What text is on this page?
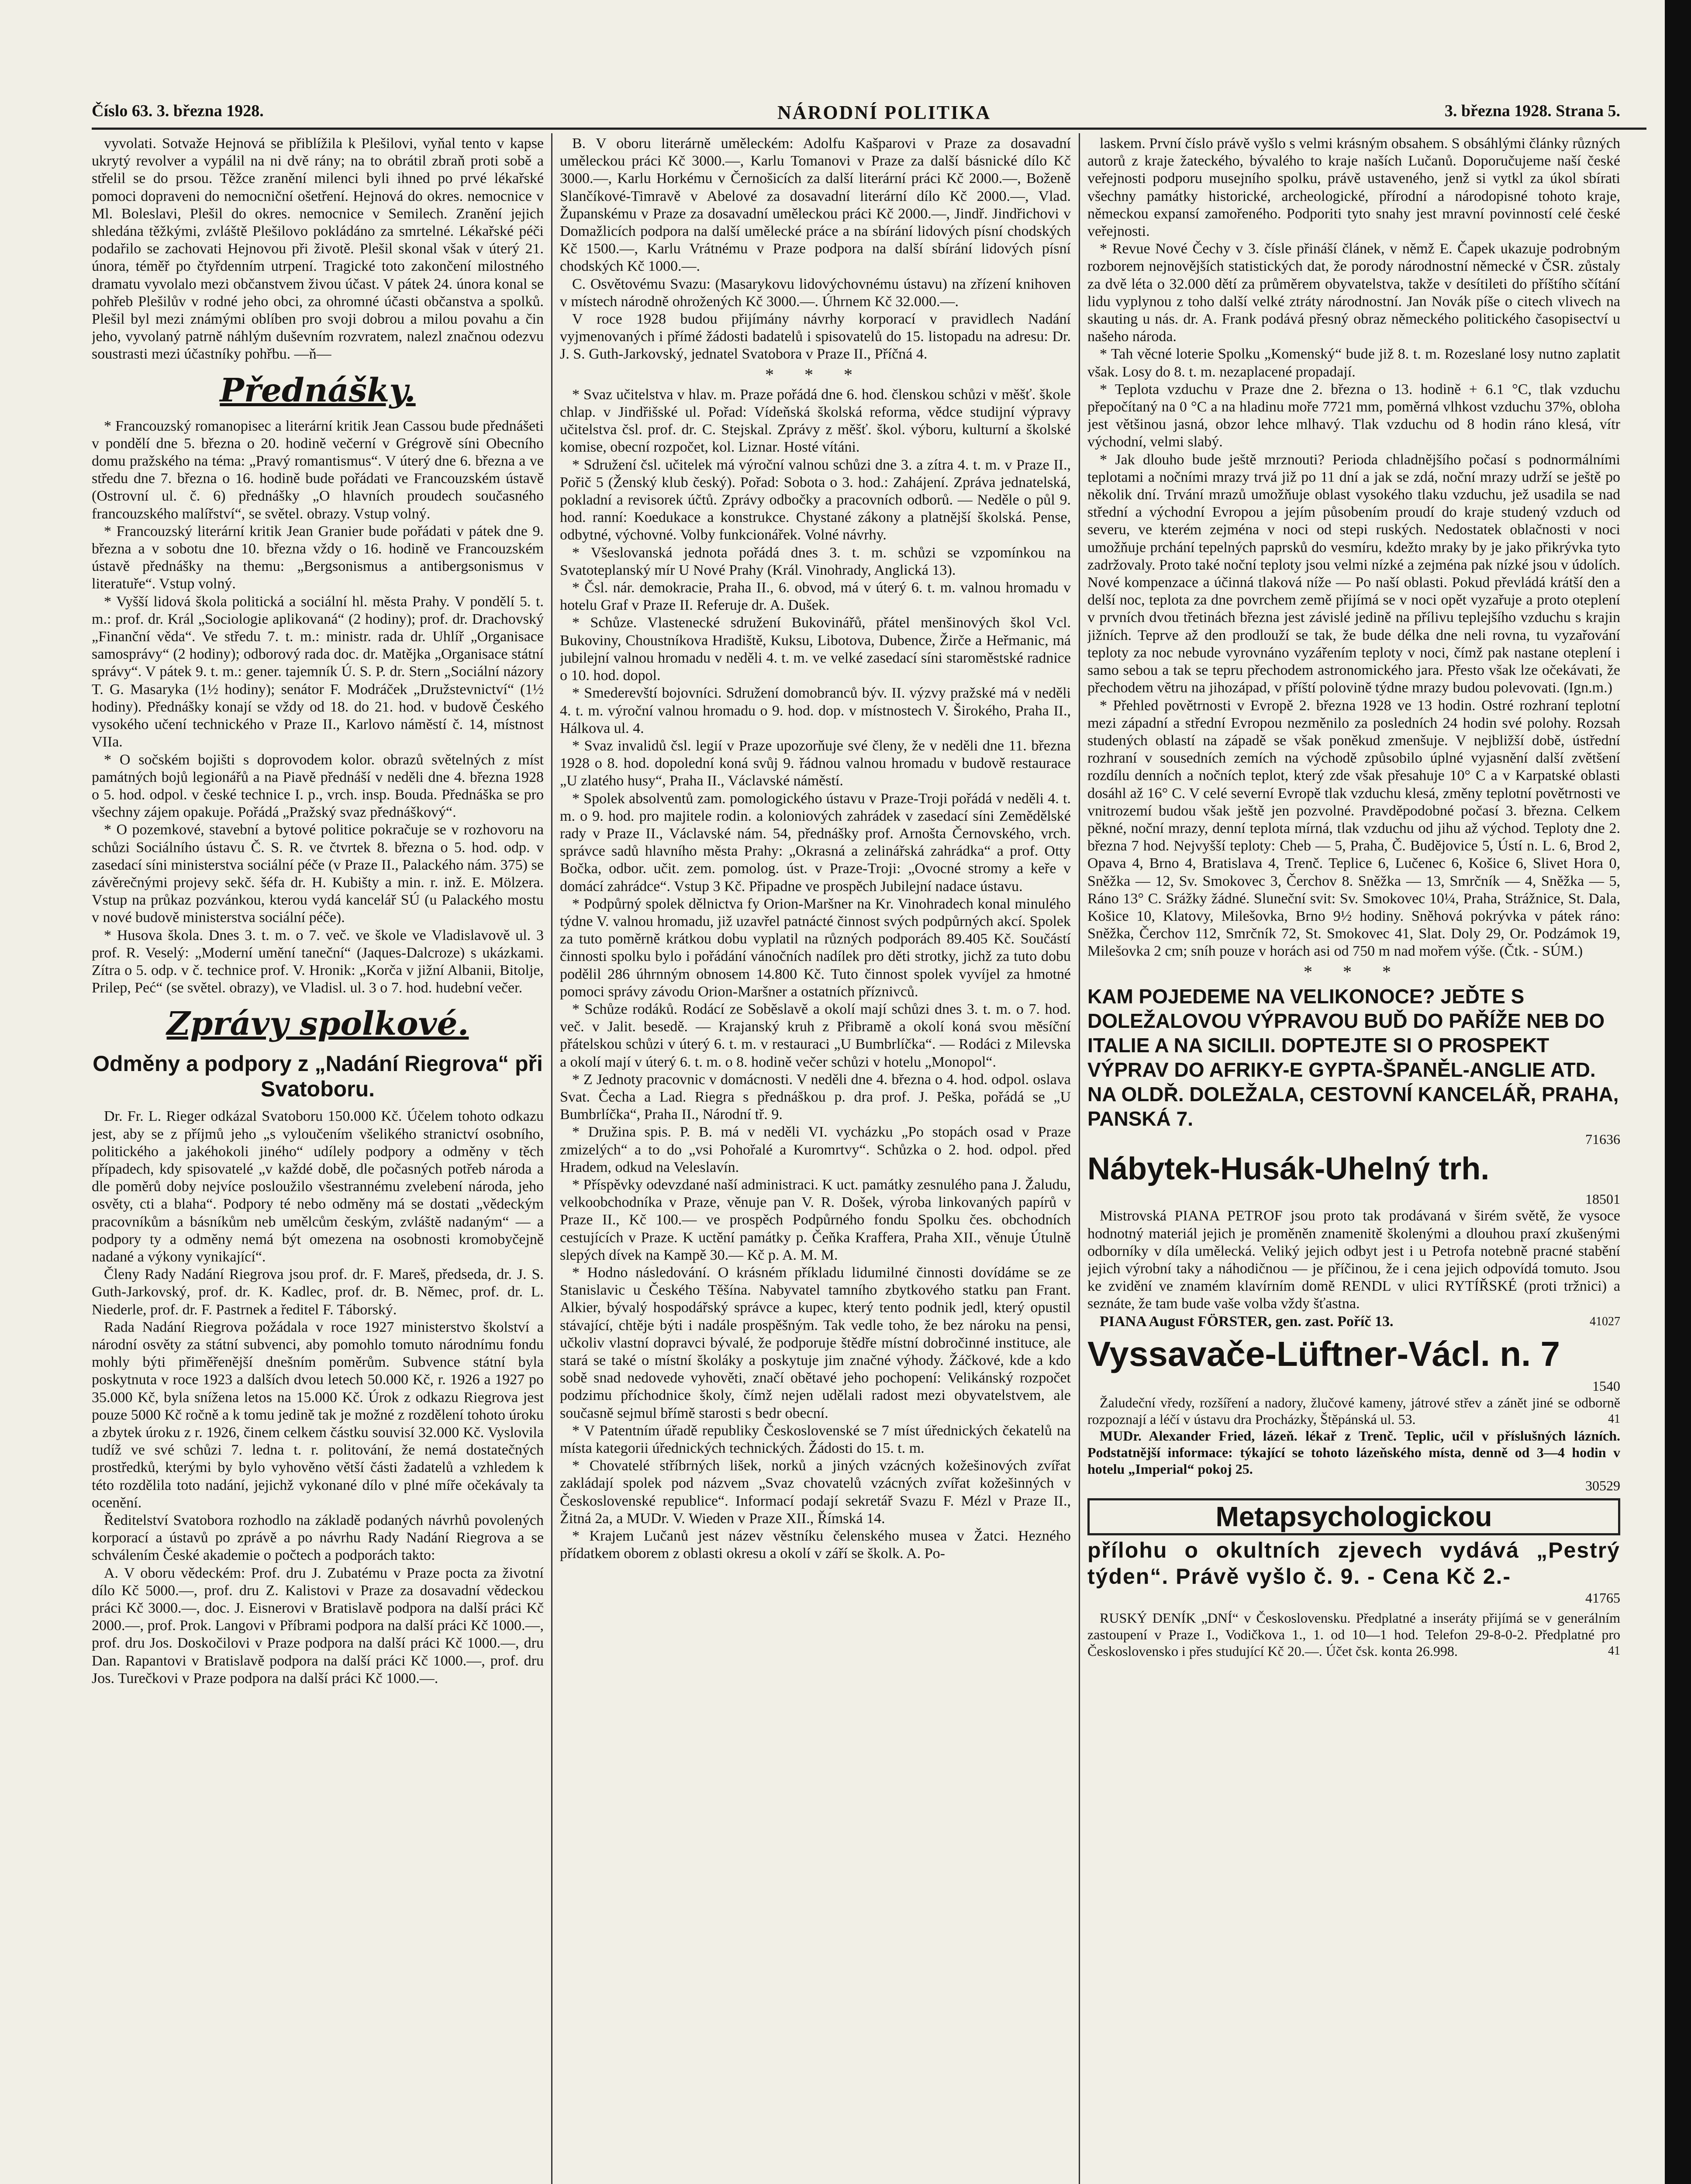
Číslo 63. 3. března 1928.	NÁRODNÍ POLITIKA	3. března 1928. Strana 5.

vyvolati. Sotvaže Hejnová se přiblížila k Plešilovi, vyňal tento v kapse ukrytý revolver a vypálil na ni dvě rány; na to obrátil zbraň proti sobě a střelil se do prsou. Těžce zranění milenci byli ihned po prvé lékařské pomoci dopraveni do nemocniční ošetření. Hejnová do okres. nemocnice v Ml. Boleslavi, Plešil do okres. nemocnice v Semilech. Zranění jejich shledána těžkými, zvláště Plešilovo pokládáno za smrtelné. Lékařské péči podařilo se zachovati Hejnovou při životě. Plešil skonal však v úterý 21. února, téměř po čtyřdenním utrpení. Tragické toto zakončení milostného dramatu vyvolalo mezi občanstvem živou účast. V pátek 24. února konal se pohřeb Plešilův v rodné jeho obci, za ohromné účasti občanstva a spolků. Plešil byl mezi známými oblíben pro svoji dobrou a milou povahu a čin jeho, vyvolaný patrně náhlým duševním rozvratem, nalezl značnou odezvu soustrasti mezi účastníky pohřbu. —ň—

Přednášky.

* Francouzský romanopisec a literární kritik Jean Cassou bude přednášeti v pondělí dne 5. března o 20. hodině večerní v Grégrově síni Obecního domu pražského na téma: „Pravý romantismus“. V úterý dne 6. března a ve středu dne 7. března o 16. hodině bude pořádati ve Francouzském ústavě (Ostrovní ul. č. 6) přednášky „O hlavních proudech současného francouzského malířství“, se světel. obrazy. Vstup volný.

* Francouzský literární kritik Jean Granier bude pořádati v pátek dne 9. března a v sobotu dne 10. března vždy o 16. hodině ve Francouzském ústavě přednášky na themu: „Bergsonismus a antibergsonismus v literatuře“. Vstup volný.

* Vyšší lidová škola politická a sociální hl. města Prahy. V pondělí 5. t. m.: prof. dr. Král „Sociologie aplikovaná“ (2 hodiny); prof. dr. Drachovský „Finanční věda“. Ve středu 7. t. m.: ministr. rada dr. Uhlíř „Organisace samosprávy“ (2 hodiny); odborový rada doc. dr. Matějka „Organisace státní správy“. V pátek 9. t. m.: gener. tajemník Ú. S. P. dr. Stern „Sociální názory T. G. Masaryka (1½ hodiny); senátor F. Modráček „Družstevnictví“ (1½ hodiny). Přednášky konají se vždy od 18. do 21. hod. v budově Českého vysokého učení technického v Praze II., Karlovo náměstí č. 14, místnost VIIa.

* O sočském bojišti s doprovodem kolor. obrazů světelných z míst památných bojů legionářů a na Piavě přednáší v neděli dne 4. března 1928 o 5. hod. odpol. v české technice I. p., vrch. insp. Bouda. Přednáška se pro všechny zájem opakuje. Pořádá „Pražský svaz přednáškový“.

* O pozemkové, stavební a bytové politice pokračuje se v rozhovoru na schůzi Sociálního ústavu Č. S. R. ve čtvrtek 8. března o 5. hod. odp. v zasedací síni ministerstva sociální péče (v Praze II., Palackého nám. 375) se závěrečnými projevy sekč. šéfa dr. H. Kubišty a min. r. inž. E. Mölzera. Vstup na průkaz pozvánkou, kterou vydá kancelář SÚ (u Palackého mostu v nové budově ministerstva sociální péče).

* Husova škola. Dnes 3. t. m. o 7. več. ve škole ve Vladislavově ul. 3 prof. R. Veselý: „Moderní umění taneční“ (Jaques-Dalcroze) s ukázkami. Zítra o 5. odp. v č. technice prof. V. Hronik: „Korča v jižní Albanii, Bitolje, Prilep, Peć“ (se světel. obrazy), ve Vladisl. ul. 3 o 7. hod. hudební večer.

Zprávy spolkové.
Odměny a podpory z „Nadání Riegrova“ při Svatoboru.

Dr. Fr. L. Rieger odkázal Svatoboru 150.000 Kč. Účelem tohoto odkazu jest, aby se z příjmů jeho „s vyloučením všelikého stranictví osobního, politického a jakéhokoli jiného“ udílely podpory a odměny v těch případech, kdy spisovatelé „v každé době, dle počasných potřeb národa a dle poměrů doby nejvíce posloužilo všestrannému zvelebení národa, jeho osvěty, cti a blaha“. Podpory té nebo odměny má se dostati „vědeckým pracovníkům a básníkům neb umělcům českým, zvláště nadaným“ — a podpory ty a odměny nemá být omezena na osobnosti kromobyčejně nadané a výkony vynikající“.

Členy Rady Nadání Riegrova jsou prof. dr. F. Mareš, předseda, dr. J. S. Guth-Jarkovský, prof. dr. K. Kadlec, prof. dr. B. Němec, prof. dr. L. Niederle, prof. dr. F. Pastrnek a ředitel F. Táborský.

Rada Nadání Riegrova požádala v roce 1927 ministerstvo školství a národní osvěty za státní subvenci, aby pomohlo tomuto národnímu fondu mohly býti přiměřenější dnešním poměrům. Subvence státní byla poskytnuta v roce 1923 a dalších dvou letech 50.000 Kč, r. 1926 a 1927 po 35.000 Kč, byla snížena letos na 15.000 Kč. Úrok z odkazu Riegrova jest pouze 5000 Kč ročně a k tomu jedině tak je možné z rozdělení tohoto úroku a zbytek úroku z r. 1926, činem celkem částku souvisí 32.000 Kč. Vyslovila tudíž ve své schůzi 7. ledna t. r. politování, že nemá dostatečných prostředků, kterými by bylo vyhověno větší části žadatelů a vzhledem k této rozdělila toto nadání, jejichž vykonané dílo v plné míře očekávaly ta ocenění.

Ředitelství Svatobora rozhodlo na základě podaných návrhů povolených korporací a ústavů po zprávě a po návrhu Rady Nadání Riegrova a se schválením České akademie o počtech a podporách takto:

A. V oboru vědeckém: Prof. dru J. Zubatému v Praze pocta za životní dílo Kč 5000.—, prof. dru Z. Kalistovi v Praze za dosavadní vědeckou práci Kč 3000.—, doc. J. Eisnerovi v Bratislavě podpora na další práci Kč 2000.—, prof. Prok. Langovi v Příbrami podpora na další práci Kč 1000.—, prof. dru Jos. Doskočilovi v Praze podpora na další práci Kč 1000.—, dru Dan. Rapantovi v Bratislavě podpora na další práci Kč 1000.—, prof. dru Jos. Turečkovi v Praze podpora na další práci Kč 1000.—.

B. V oboru literárně uměleckém: Adolfu Kašparovi v Praze za dosavadní uměleckou práci Kč 3000.—, Karlu Tomanovi v Praze za další básnické dílo Kč 3000.—, Karlu Horkému v Černošicích za další literární práci Kč 2000.—, Boženě Slančíkové-Timravě v Abelové za dosavadní literární dílo Kč 2000.—, Vlad. Županskému v Praze za dosavadní uměleckou práci Kč 2000.—, Jindř. Jindřichovi v Domažlicích podpora na další umělecké práce a na sbírání lidových písní chodských Kč 1500.—, Karlu Vrátnému v Praze podpora na další sbírání lidových písní chodských Kč 1000.—.

C. Osvětovému Svazu: (Masarykovu lidovýchovnému ústavu) na zřízení knihoven v místech národně ohrožených Kč 3000.—. Úhrnem Kč 32.000.—.

V roce 1928 budou přijímány návrhy korporací v pravidlech Nadání vyjmenovaných i přímé žádosti badatelů i spisovatelů do 15. listopadu na adresu: Dr. J. S. Guth-Jarkovský, jednatel Svatobora v Praze II., Příčná 4.

* * *

* Svaz učitelstva v hlav. m. Praze pořádá dne 6. hod. členskou schůzi v měšť. škole chlap. v Jindřišské ul. Pořad: Vídeňská školská reforma, vědce studijní výpravy učitelstva čsl. prof. dr. C. Stejskal. Zprávy z měšť. škol. výboru, kulturní a školské komise, obecní rozpočet, kol. Liznar. Hosté vítáni.

* Sdružení čsl. učitelek má výroční valnou schůzi dne 3. a zítra 4. t. m. v Praze II., Pořič 5 (Ženský klub český). Pořad: Sobota o 3. hod.: Zahájení. Zpráva jednatelská, pokladní a revisorek účtů. Zprávy odbočky a pracovních odborů. — Neděle o půl 9. hod. ranní: Koedukace a konstrukce. Chystané zákony a platnější školská. Pense, odbytné, výchovné. Volby funkcionářek. Volné návrhy.

* Všeslovanská jednota pořádá dnes 3. t. m. schůzi se vzpomínkou na Svatoteplanský mír U Nové Prahy (Král. Vinohrady, Anglická 13).

* Čsl. nár. demokracie, Praha II., 6. obvod, má v úterý 6. t. m. valnou hromadu v hotelu Graf v Praze II. Referuje dr. A. Dušek.

* Schůze. Vlastenecké sdružení Bukovinářů, přátel menšinových škol Vcl. Bukoviny, Choustníkova Hradiště, Kuksu, Libotova, Dubence, Žirče a Heřmanic, má jubilejní valnou hromadu v neděli 4. t. m. ve velké zasedací síni staroměstské radnice o 10. hod. dopol.

* Smederevští bojovníci. Sdružení domobranců býv. II. výzvy pražské má v neděli 4. t. m. výroční valnou hromadu o 9. hod. dop. v místnostech V. Širokého, Praha II., Hálkova ul. 4.

* Svaz invalidů čsl. legií v Praze upozorňuje své členy, že v neděli dne 11. března 1928 o 8. hod. dopolední koná svůj 9. řádnou valnou hromadu v budově restaurace „U zlatého husy“, Praha II., Václavské náměstí.

* Spolek absolventů zam. pomologického ústavu v Praze-Troji pořádá v neděli 4. t. m. o 9. hod. pro majitele rodin. a koloniových zahrádek v zasedací síni Zemědělské rady v Praze II., Václavské nám. 54, přednášky prof. Arnošta Černovského, vrch. správce sadů hlavního města Prahy: „Okrasná a zelinářská zahrádka“ a prof. Otty Bočka, odbor. učit. zem. pomolog. úst. v Praze-Troji: „Ovocné stromy a keře v domácí zahrádce“. Vstup 3 Kč. Připadne ve prospěch Jubilejní nadace ústavu.

* Podpůrný spolek dělnictva fy Orion-Maršner na Kr. Vinohradech konal minulého týdne V. valnou hromadu, již uzavřel patnácté činnost svých podpůrných akcí. Spolek za tuto poměrně krátkou dobu vyplatil na různých podporách 89.405 Kč. Součástí činnosti spolku bylo i pořádání vánočních nadílek pro děti strotky, jichž za tuto dobu podělil 286 úhrnným obnosem 14.800 Kč. Tuto činnost spolek vyvíjel za hmotné pomoci správy závodu Orion-Maršner a ostatních příznivců.

* Schůze rodáků. Rodácí ze Soběslavě a okolí mají schůzi dnes 3. t. m. o 7. hod. več. v Jalit. besedě. — Krajanský kruh z Přibramě a okolí koná svou měsíční přátelskou schůzi v úterý 6. t. m. v restauraci „U Bumbrlíčka“. — Rodáci z Milevska a okolí mají v úterý 6. t. m. o 8. hodině večer schůzi v hotelu „Monopol“.

* Z Jednoty pracovnic v domácnosti. V neděli dne 4. března o 4. hod. odpol. oslava Svat. Čecha a Lad. Riegra s přednáškou p. dra prof. J. Peška, pořádá se „U Bumbrlíčka“, Praha II., Národní tř. 9.

* Družina spis. P. B. má v neděli VI. vycházku „Po stopách osad v Praze zmizelých“ a to do „vsi Pohořalé a Kuromrtvy“. Schůzka o 2. hod. odpol. před Hradem, odkud na Veleslavín.

* Příspěvky odevzdané naší administraci. K uct. památky zesnulého pana J. Žaludu, velkoobchodníka v Praze, věnuje pan V. R. Došek, výroba linkovaných papírů v Praze II., Kč 100.— ve prospěch Podpůrného fondu Spolku čes. obchodních cestujících v Praze. K uctění památky p. Čeňka Kraffera, Praha XII., věnuje Útulně slepých dívek na Kampě 30.— Kč p. A. M. M.

* Hodno následování. O krásném příkladu lidumilné činnosti dovídáme se ze Stanislavic u Českého Těšína. Nabyvatel tamního zbytkového statku pan Frant. Alkier, bývalý hospodářský správce a kupec, který tento podnik jedl, který opustil stávající, chtěje býti i nadále prospěšným. Tak vedle toho, že bez nároku na pensi, učkoliv vlastní dopravci bývalé, že podporuje štědře místní dobročinné instituce, ale stará se také o místní školáky a poskytuje jim značné výhody. Žáčkové, kde a kdo sobě snad nedovede vyhověti, značí obětavé jeho pochopení: Velikánský rozpočet podzimu příchodnice školy, čímž nejen udělali radost mezi obyvatelstvem, ale současně sejmul břímě starosti s bedr obecní.

* V Patentním úřadě republiky Československé se 7 míst úřednických čekatelů na místa kategorii úřednických technických. Žádosti do 15. t. m.

* Chovatelé stříbrných lišek, norků a jiných vzácných kožešinových zvířat zakládají spolek pod názvem „Svaz chovatelů vzácných zvířat kožešinných v Československé republice“. Informací podají sekretář Svazu F. Mézl v Praze II., Žitná 2a, a MUDr. V. Wieden v Praze XII., Římská 14.

* Krajem Lučanů jest název věstníku čelenského musea v Žatci. Hezného přídatkem oborem z oblasti okresu a okolí v září se školk. A. Po-

laskem. První číslo právě vyšlo s velmi krásným obsahem. S obsáhlými články různých autorů z kraje žateckého, bývalého to kraje naších Lučanů. Doporučujeme naší české veřejnosti podporu musejního spolku, právě ustaveného, jenž si vytkl za úkol sbírati všechny památky historické, archeologické, přírodní a národopisné tohoto kraje, německou expansí zamořeného. Podporiti tyto snahy jest mravní povinností celé české veřejnosti.

* Revue Nové Čechy v 3. čísle přináší článek, v němž E. Čapek ukazuje podrobným rozborem nejnovějších statistických dat, že porody národnostní německé v ČSR. zůstaly za dvě léta o 32.000 dětí za průměrem obyvatelstva, takže v desítileti do příštího sčítání lidu vyplynou z toho další velké ztráty národnostní. Jan Novák píše o citech vlivech na skauting u nás. dr. A. Frank podává přesný obraz německého politického časopisectví u našeho národa.

* Tah věcné loterie Spolku „Komenský“ bude již 8. t. m. Rozeslané losy nutno zaplatit však. Losy do 8. t. m. nezaplacené propadají.

* Teplota vzduchu v Praze dne 2. března o 13. hodině + 6.1 °C, tlak vzduchu přepočítaný na 0 °C a na hladinu moře 7721 mm, poměrná vlhkost vzduchu 37%, obloha jest většinou jasná, obzor lehce mlhavý. Tlak vzduchu od 8 hodin ráno klesá, vítr východní, velmi slabý.

* Jak dlouho bude ještě mrznouti? Perioda chladnějšího počasí s podnormálními teplotami a nočními mrazy trvá již po 11 dní a jak se zdá, noční mrazy udrží se ještě po několik dní. Trvání mrazů umožňuje oblast vysokého tlaku vzduchu, jež usadila se nad střední a východní Evropou a jejím působením proudí do kraje studený vzduch od severu, ve kterém zejména v noci od stepi ruských. Nedostatek oblačnosti v noci umožňuje prchání tepelných paprsků do vesmíru, kdežto mraky by je jako přikrývka tyto zadržovaly. Proto také noční teploty jsou velmi nízké a zejména pak nízké jsou v údolích. Nové kompenzace a účinná tlaková níže — Po naší oblasti. Pokud převládá krátší den a delší noc, teplota za dne povrchem země přijímá se v noci opět vyzařuje a proto oteplení v prvních dvou třetinách března jest závislé jedině na přílivu teplejšího vzduchu s krajin jižních. Teprve až den prodlouží se tak, že bude délka dne neli rovna, tu vyzařování teploty za noc nebude vyrovnáno vyzářením teploty v noci, čímž pak nastane oteplení i samo sebou a tak se tepru přechodem astronomického jara. Přesto však lze očekávati, že přechodem větru na jihozápad, v příští polovině týdne mrazy budou polevovati. (Ign.m.)

* Přehled povětrnosti v Evropě 2. března 1928 ve 13 hodin. Ostré rozhraní teplotní mezi západní a střední Evropou nezměnilo za posledních 24 hodin své polohy. Rozsah studených oblastí na západě se však poněkud zmenšuje. V nejbližší době, ústřední rozhraní v sousedních zemích na východě způsobilo úplné vyjasnění další zvětšení rozdílu denních a nočních teplot, který zde však přesahuje 10° C a v Karpatské oblasti dosáhl až 16° C. V celé severní Evropě tlak vzduchu klesá, změny teplotní povětrnosti ve vnitrozemí budou však ještě jen pozvolné. Pravděpodobné počasí 3. března. Celkem pěkné, noční mrazy, denní teplota mírná, tlak vzduchu od jihu až východ. Teploty dne 2. března 7 hod. Nejvyšší teploty: Cheb — 5, Praha, Č. Budějovice 5, Ústí n. L. 6, Brod 2, Opava 4, Brno 4, Bratislava 4, Trenč. Teplice 6, Lučenec 6, Košice 6, Slivet Hora 0, Sněžka — 12, Sv. Smokovec 3, Čerchov 8. Sněžka — 13, Smrčník — 4, Sněžka — 5, Ráno 13° C. Srážky žádné. Sluneční svit: Sv. Smokovec 10¼, Praha, Strážnice, St. Dala, Košice 10, Klatovy, Milešovka, Brno 9½ hodiny. Sněhová pokrývka v pátek ráno: Sněžka, Čerchov 112, Smrčník 72, St. Smokovec 41, Slat. Doly 29, Or. Podzámok 19, Milešovka 2 cm; sníh pouze v horách asi od 750 m nad mořem výše. (Čtk. - SÚM.)

* * *
KAM POJEDEME NA VELIKONOCE? JEĎTE S DOLEŽALOVOU VÝPRAVOU BUĎ DO PAŘÍŽE NEB DO ITALIE A NA SICILII. DOPTEJTE SI O PROSPEKT VÝPRAV DO AFRIKY-E GYPTA-ŠPANĚL-ANGLIE ATD. NA OLDŘ. DOLEŽALA, CESTOVNÍ KANCELÁŘ, PRAHA, PANSKÁ 7.
71636
Nábytek-Husák-Uhelný trh.
18501

Mistrovská PIANA PETROF jsou proto tak prodávaná v širém světě, že vysoce hodnotný materiál jejich je proměněn znamenitě školenými a dlouhou praxí zkušenými odborníky v díla umělecká. Veliký jejich odbyt jest i u Petrofa notebně pracné stabění jejich výrobní taky a náhodičnou — je příčinou, že i cena jejich odpovídá tomuto. Jsou ke zvidění ve znamém klavírním domě RENDL v ulici RYTÍŘSKÉ (proti tržnici) a seznáte, že tam bude vaše volba vždy šťastna.

PIANA August FÖRSTER, gen. zast. Poříč 13.	41027

Vyssavače-Lüftner-Václ. n. 7
1540

Žaludeční vředy, rozšíření a nadory, žlučové kameny, játrové střev a zánět jiné se odborně rozpoznají a léčí v ústavu dra Procházky, Štěpánská ul. 53.	41

MUDr. Alexander Fried, lázeň. lékař z Trenč. Teplic, učil v příslušných lázních. Podstatnější informace: týkající se tohoto lázeňského místa, denně od 3—4 hodin v hotelu „Imperial“ pokoj 25.

30529
Metapsychologickou
přílohu o okultních zjevech vydává „Pestrý týden“. Právě vyšlo č. 9. - Cena Kč 2.-
41765

RUSKÝ DENÍK „DNÍ“ v Československu. Předplatné a inseráty přijímá se v generálním zastoupení v Praze I., Vodičkova 1., 1. od 10—1 hod. Telefon 29-8-0-2. Předplatné pro Československo i přes studující Kč 20.—. Účet čsk. konta 26.998.	41
